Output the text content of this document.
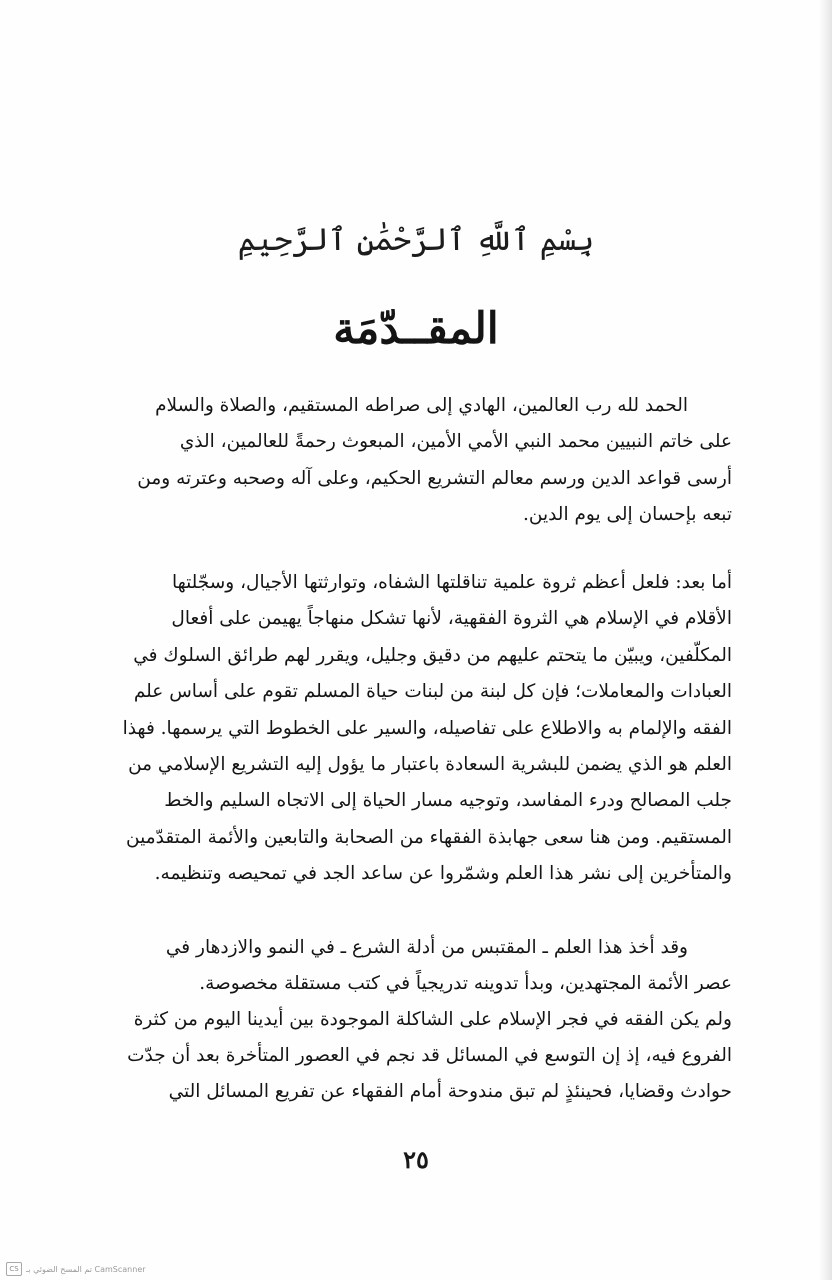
بِسْمِ ٱللَّهِ ٱلرَّحْمَٰنِ ٱلرَّحِيمِ
المقــدّمَة
الحمد لله رب العالمين، الهادي إلى صراطه المستقيم، والصلاة والسلام
على خاتم النبيين محمد النبي الأمي الأمين، المبعوث رحمةً للعالمين، الذي
أرسى قواعد الدين ورسم معالم التشريع الحكيم، وعلى آله وصحبه وعترته ومن
تبعه بإحسان إلى يوم الدين.
أما بعد: فلعل أعظم ثروة علمية تناقلتها الشفاه، وتوارثتها الأجيال، وسجّلتها
الأقلام في الإسلام هي الثروة الفقهية، لأنها تشكل منهاجاً يهيمن على أفعال
المكلّفين، ويبيّن ما يتحتم عليهم من دقيق وجليل، ويقرر لهم طرائق السلوك في
العبادات والمعاملات؛ فإن كل لبنة من لبنات حياة المسلم تقوم على أساس علم
الفقه والإلمام به والاطلاع على تفاصيله، والسير على الخطوط التي يرسمها. فهذا
العلم هو الذي يضمن للبشرية السعادة باعتبار ما يؤول إليه التشريع الإسلامي من
جلب المصالح ودرء المفاسد، وتوجيه مسار الحياة إلى الاتجاه السليم والخط
المستقيم. ومن هنا سعى جهابذة الفقهاء من الصحابة والتابعين والأئمة المتقدّمين
والمتأخرين إلى نشر هذا العلم وشمّروا عن ساعد الجد في تمحيصه وتنظيمه.
وقد أخذ هذا العلم ـ المقتبس من أدلة الشرع ـ في النمو والازدهار في
عصر الأئمة المجتهدين، وبدأ تدوينه تدريجياً في كتب مستقلة مخصوصة.
ولم يكن الفقه في فجر الإسلام على الشاكلة الموجودة بين أيدينا اليوم من كثرة
الفروع فيه، إذ إن التوسع في المسائل قد نجم في العصور المتأخرة بعد أن جدّت
حوادث وقضايا، فحينئذٍ لم تبق مندوحة أمام الفقهاء عن تفريع المسائل التي
٢٥
CS تم المسح الضوئي بـ CamScanner
